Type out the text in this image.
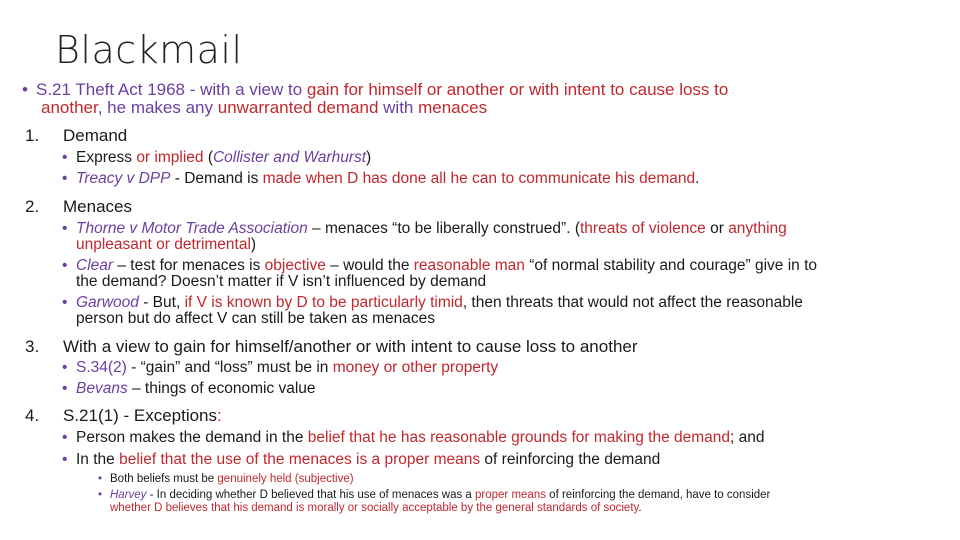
Blackmail
• S.21 Theft Act 1968 - with a view to gain for himself or another or with intent to cause loss to
another, he makes any unwarranted demand with menaces
1. Demand
• Express or implied (Collister and Warhurst)
• Treacy v DPP - Demand is made when D has done all he can to communicate his demand.
2. Menaces
• Thorne v Motor Trade Association – menaces “to be liberally construed”. (threats of violence or anything
unpleasant or detrimental)
• Clear – test for menaces is objective – would the reasonable man “of normal stability and courage” give in to
the demand? Doesn’t matter if V isn’t influenced by demand
• Garwood - But, if V is known by D to be particularly timid, then threats that would not affect the reasonable
person but do affect V can still be taken as menaces
3. With a view to gain for himself/another or with intent to cause loss to another
• S.34(2) - “gain” and “loss” must be in money or other property
• Bevans – things of economic value
4. S.21(1) - Exceptions:
• Person makes the demand in the belief that he has reasonable grounds for making the demand; and
• In the belief that the use of the menaces is a proper means of reinforcing the demand
• Both beliefs must be genuinely held (subjective)
• Harvey - In deciding whether D believed that his use of menaces was a proper means of reinforcing the demand, have to consider
whether D believes that his demand is morally or socially acceptable by the general standards of society.
